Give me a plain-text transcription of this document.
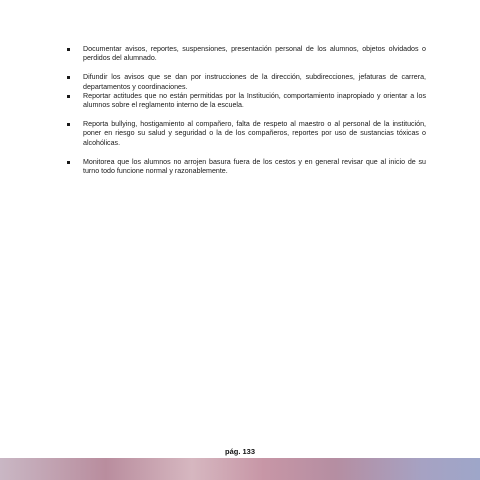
Documentar avisos, reportes, suspensiones, presentación personal de los alumnos, objetos olvidados o perdidos del alumnado.
Difundir los avisos que se dan por instrucciones de la dirección, subdirecciones, jefaturas de carrera, departamentos y coordinaciones.
Reportar actitudes que no están permitidas por la Institución, comportamiento inapropiado y orientar a los alumnos sobre el reglamento interno de la escuela.
Reporta bullying, hostigamiento al compañero, falta de respeto al maestro o al personal de la institución, poner en riesgo su salud y seguridad o la de los compañeros, reportes por uso de sustancias tóxicas o alcohólicas.
Monitorea que los alumnos no arrojen basura fuera de los cestos y en general revisar que al inicio de su turno todo funcione normal y razonablemente.
pág. 133
